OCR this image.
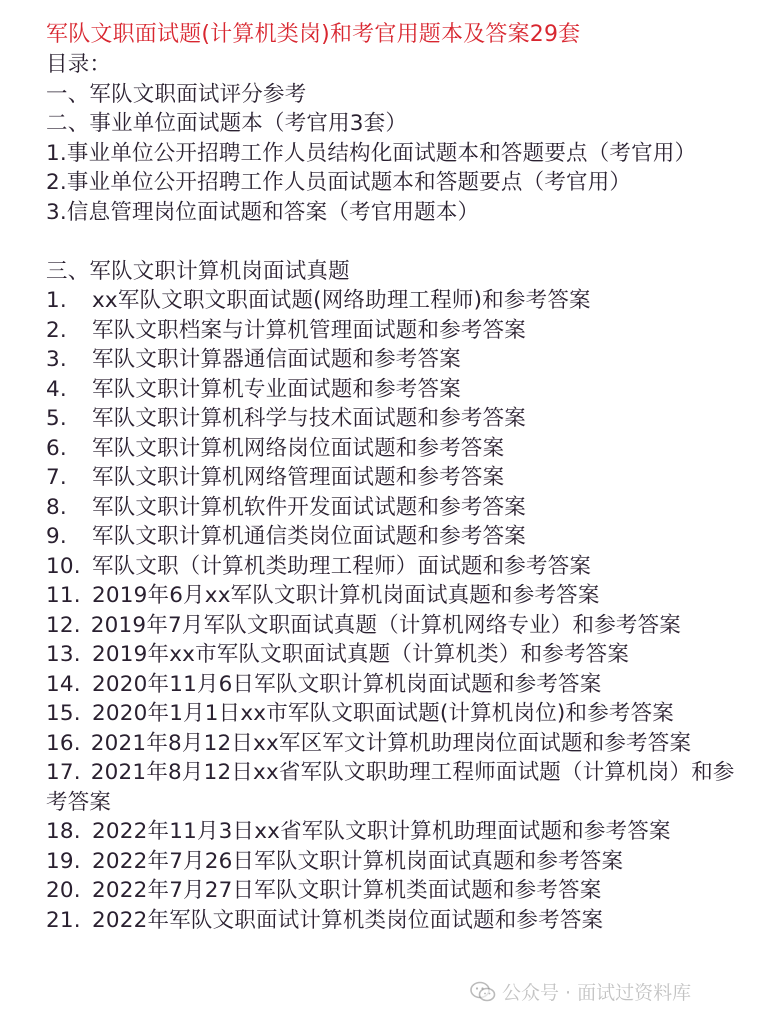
军队文职面试题(计算机类岗)和考官用题本及答案29套
目录：
一、军队文职面试评分参考
二、事业单位面试题本（考官用3套）
1.事业单位公开招聘工作人员结构化面试题本和答题要点（考官用）
2.事业单位公开招聘工作人员面试题本和答题要点（考官用）
3.信息管理岗位面试题和答案（考官用题本）
三、军队文职计算机岗面试真题
1.	xx军队文职文职面试题(网络助理工程师)和参考答案
2.	军队文职档案与计算机管理面试题和参考答案
3.	军队文职计算器通信面试题和参考答案
4.	军队文职计算机专业面试题和参考答案
5.	军队文职计算机科学与技术面试题和参考答案
6.	军队文职计算机网络岗位面试题和参考答案
7.	军队文职计算机网络管理面试题和参考答案
8.	军队文职计算机软件开发面试试题和参考答案
9.	军队文职计算机通信类岗位面试题和参考答案
10. 军队文职（计算机类助理工程师）面试题和参考答案
11. 2019年6月xx军队文职计算机岗面试真题和参考答案
12. 2019年7月军队文职面试真题（计算机网络专业）和参考答案
13. 2019年xx市军队文职面试真题（计算机类）和参考答案
14. 2020年11月6日军队文职计算机岗面试题和参考答案
15. 2020年1月1日xx市军队文职面试题(计算机岗位)和参考答案
16. 2021年8月12日xx军区军文计算机助理岗位面试题和参考答案
17. 2021年8月12日xx省军队文职助理工程师面试题（计算机岗）和参考答案
18. 2022年11月3日xx省军队文职计算机助理面试题和参考答案
19. 2022年7月26日军队文职计算机岗面试真题和参考答案
20. 2022年7月27日军队文职计算机类面试题和参考答案
21. 2022年军队文职面试计算机类岗位面试题和参考答案
公众号 · 面试过资料库
